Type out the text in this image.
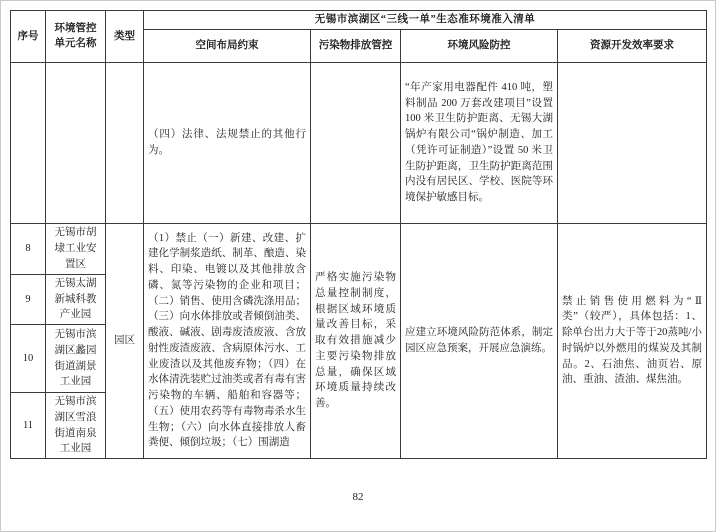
序号	环境管控单元名称	类型	无锡市滨湖区“三线一单”生态准环境准入清单			
			空间布局约束	污染物排放管控	环境风险防控	资源开发效率要求
			（四）法律、法规禁止的其他行为。		“年产家用电器配件 410 吨，塑料制品 200 万套改建项目”设置 100 米卫生防护距离、无锡大湖锅炉有限公司“锅炉制造、加工（凭许可证制造）”设置 50 米卫生防护距离，卫生防护距离范围内没有居民区、学校、医院等环境保护敏感目标。	
8	无锡市胡埭工业安置区	园区	（1）禁止（一）新建、改建、扩建化学制浆造纸、制革、酿造、染料、印染、电镀以及其他排放含磷、氮等污染物的企业和项目；（二）销售、使用含磷洗涤用品；（三）向水体排放或者倾倒油类、酸液、碱液、剧毒废渣废液、含放射性废渣废液、含病原体污水、工业废渣以及其他废弃物；（四）在水体清洗装贮过油类或者有毒有害污染物的车辆、船舶和容器等；（五）使用农药等有毒物毒杀水生生物；（六）向水体直接排放人畜粪便、倾倒垃圾；（七）围湖造	严格实施污染物总量控制制度，根据区域环境质量改善目标，采取有效措施减少主要污染物排放总量，确保区域环境质量持续改善。	应建立环境风险防范体系，制定园区应急预案，开展应急演练。	禁止销售使用燃料为“Ⅱ类”（较严），具体包括：1、除单台出力大于等于20蒸吨/小时锅炉以外燃用的煤炭及其制品。2、石油焦、油页岩、原油、重油、渣油、煤焦油。
9	无锡太湖新城科教产业园					
10	无锡市滨湖区蠡园街道湖景工业园					
11	无锡市滨湖区雪浪街道南泉工业园					
82
